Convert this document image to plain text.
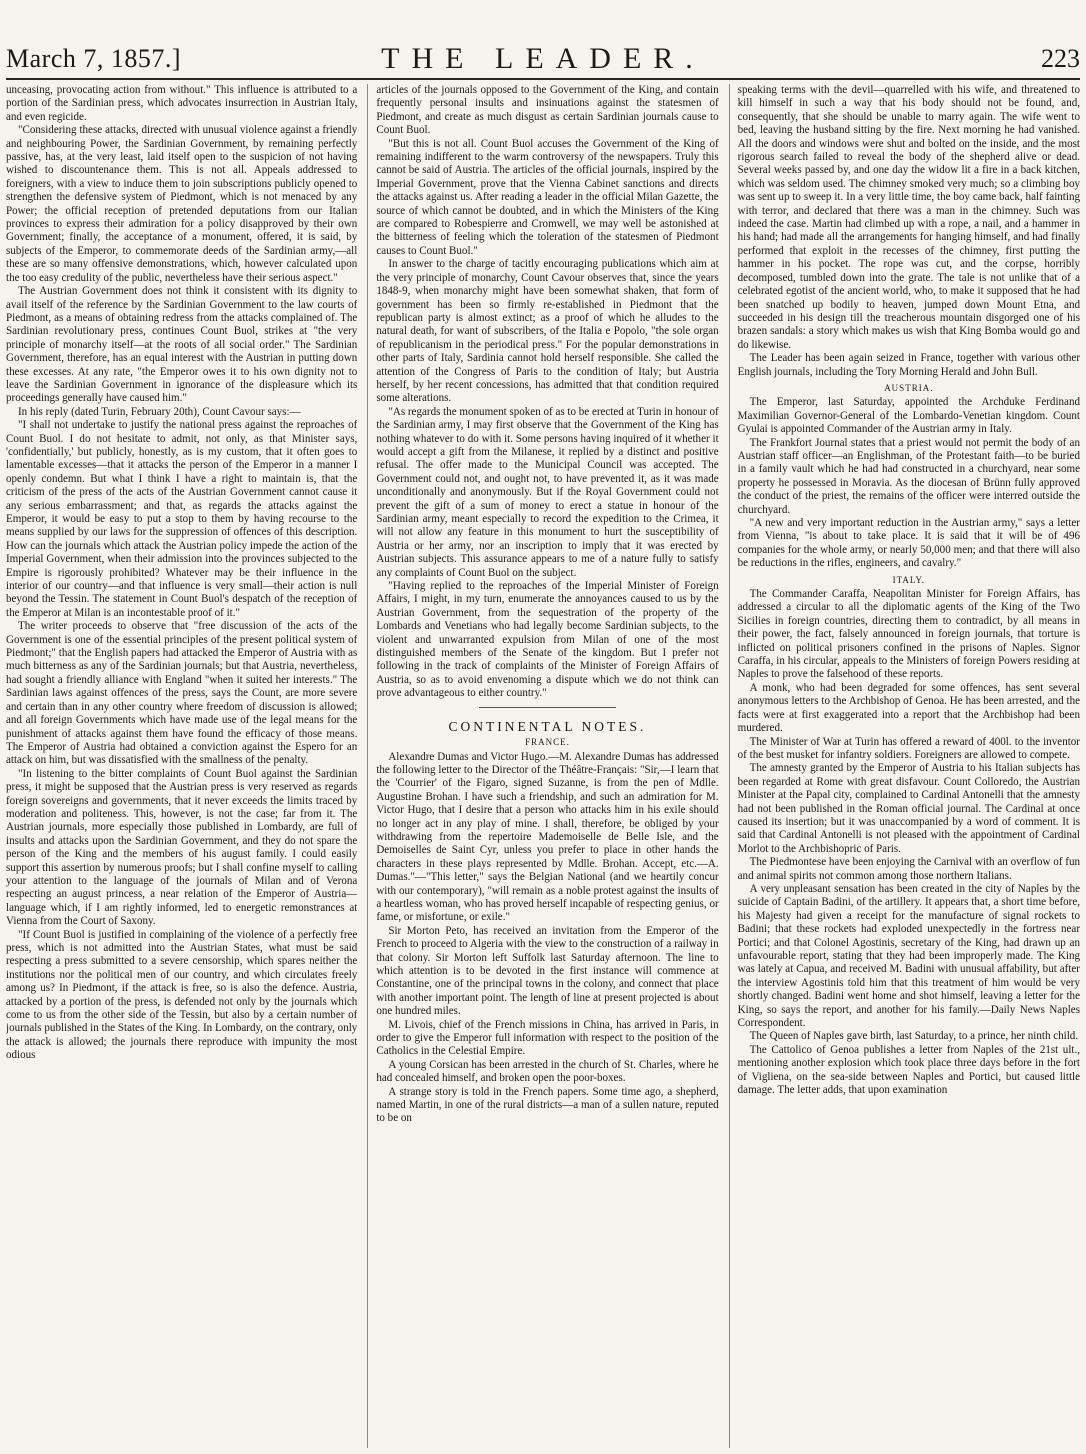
March 7, 1857.]	THE LEADER.	223

unceasing, provocating action from without." This influence is attributed to a portion of the Sardinian press, which advocates insurrection in Austrian Italy, and even regicide.

"Considering these attacks, directed with unusual violence against a friendly and neighbouring Power, the Sardinian Government, by remaining perfectly passive, has, at the very least, laid itself open to the suspicion of not having wished to discountenance them. This is not all. Appeals addressed to foreigners, with a view to induce them to join subscriptions publicly opened to strengthen the defensive system of Piedmont, which is not menaced by any Power; the official reception of pretended deputations from our Italian provinces to express their admiration for a policy disapproved by their own Government; finally, the acceptance of a monument, offered, it is said, by subjects of the Emperor, to commemorate deeds of the Sardinian army,—all these are so many offensive demonstrations, which, however calculated upon the too easy credulity of the public, nevertheless have their serious aspect."

The Austrian Government does not think it consistent with its dignity to avail itself of the reference by the Sardinian Government to the law courts of Piedmont, as a means of obtaining redress from the attacks complained of. The Sardinian revolutionary press, continues Count Buol, strikes at "the very principle of monarchy itself—at the roots of all social order." The Sardinian Government, therefore, has an equal interest with the Austrian in putting down these excesses. At any rate, "the Emperor owes it to his own dignity not to leave the Sardinian Government in ignorance of the displeasure which its proceedings generally have caused him."

In his reply (dated Turin, February 20th), Count Cavour says:—

"I shall not undertake to justify the national press against the reproaches of Count Buol. I do not hesitate to admit, not only, as that Minister says, 'confidentially,' but publicly, honestly, as is my custom, that it often goes to lamentable excesses—that it attacks the person of the Emperor in a manner I openly condemn. But what I think I have a right to maintain is, that the criticism of the press of the acts of the Austrian Government cannot cause it any serious embarrassment; and that, as regards the attacks against the Emperor, it would be easy to put a stop to them by having recourse to the means supplied by our laws for the suppression of offences of this description. How can the journals which attack the Austrian policy impede the action of the Imperial Government, when their admission into the provinces subjected to the Empire is rigorously prohibited? Whatever may be their influence in the interior of our country—and that influence is very small—their action is null beyond the Tessin. The statement in Count Buol's despatch of the reception of the Emperor at Milan is an incontestable proof of it."

The writer proceeds to observe that "free discussion of the acts of the Government is one of the essential principles of the present political system of Piedmont;" that the English papers had attacked the Emperor of Austria with as much bitterness as any of the Sardinian journals; but that Austria, nevertheless, had sought a friendly alliance with England "when it suited her interests." The Sardinian laws against offences of the press, says the Count, are more severe and certain than in any other country where freedom of discussion is allowed; and all foreign Governments which have made use of the legal means for the punishment of attacks against them have found the efficacy of those means. The Emperor of Austria had obtained a conviction against the Espero for an attack on him, but was dissatisfied with the smallness of the penalty.

"In listening to the bitter complaints of Count Buol against the Sardinian press, it might be supposed that the Austrian press is very reserved as regards foreign sovereigns and governments, that it never exceeds the limits traced by moderation and politeness. This, however, is not the case; far from it. The Austrian journals, more especially those published in Lombardy, are full of insults and attacks upon the Sardinian Government, and they do not spare the person of the King and the members of his august family. I could easily support this assertion by numerous proofs; but I shall confine myself to calling your attention to the language of the journals of Milan and of Verona respecting an august princess, a near relation of the Emperor of Austria—language which, if I am rightly informed, led to energetic remonstrances at Vienna from the Court of Saxony.

"If Count Buol is justified in complaining of the violence of a perfectly free press, which is not admitted into the Austrian States, what must be said respecting a press submitted to a severe censorship, which spares neither the institutions nor the political men of our country, and which circulates freely among us? In Piedmont, if the attack is free, so is also the defence. Austria, attacked by a portion of the press, is defended not only by the journals which come to us from the other side of the Tessin, but also by a certain number of journals published in the States of the King. In Lombardy, on the contrary, only the attack is allowed; the journals there reproduce with impunity the most odious

articles of the journals opposed to the Government of the King, and contain frequently personal insults and insinuations against the statesmen of Piedmont, and create as much disgust as certain Sardinian journals cause to Count Buol.

"But this is not all. Count Buol accuses the Government of the King of remaining indifferent to the warm controversy of the newspapers. Truly this cannot be said of Austria. The articles of the official journals, inspired by the Imperial Government, prove that the Vienna Cabinet sanctions and directs the attacks against us. After reading a leader in the official Milan Gazette, the source of which cannot be doubted, and in which the Ministers of the King are compared to Robespierre and Cromwell, we may well be astonished at the bitterness of feeling which the toleration of the statesmen of Piedmont causes to Count Buol."

In answer to the charge of tacitly encouraging publications which aim at the very principle of monarchy, Count Cavour observes that, since the years 1848-9, when monarchy might have been somewhat shaken, that form of government has been so firmly re-established in Piedmont that the republican party is almost extinct; as a proof of which he alludes to the natural death, for want of subscribers, of the Italia e Popolo, "the sole organ of republicanism in the periodical press." For the popular demonstrations in other parts of Italy, Sardinia cannot hold herself responsible. She called the attention of the Congress of Paris to the condition of Italy; but Austria herself, by her recent concessions, has admitted that that condition required some alterations.

"As regards the monument spoken of as to be erected at Turin in honour of the Sardinian army, I may first observe that the Government of the King has nothing whatever to do with it. Some persons having inquired of it whether it would accept a gift from the Milanese, it replied by a distinct and positive refusal. The offer made to the Municipal Council was accepted. The Government could not, and ought not, to have prevented it, as it was made unconditionally and anonymously. But if the Royal Government could not prevent the gift of a sum of money to erect a statue in honour of the Sardinian army, meant especially to record the expedition to the Crimea, it will not allow any feature in this monument to hurt the susceptibility of Austria or her army, nor an inscription to imply that it was erected by Austrian subjects. This assurance appears to me of a nature fully to satisfy any complaints of Count Buol on the subject.

"Having replied to the reproaches of the Imperial Minister of Foreign Affairs, I might, in my turn, enumerate the annoyances caused to us by the Austrian Government, from the sequestration of the property of the Lombards and Venetians who had legally become Sardinian subjects, to the violent and unwarranted expulsion from Milan of one of the most distinguished members of the Senate of the kingdom. But I prefer not following in the track of complaints of the Minister of Foreign Affairs of Austria, so as to avoid envenoming a dispute which we do not think can prove advantageous to either country."

CONTINENTAL NOTES.

FRANCE.

Alexandre Dumas and Victor Hugo.—M. Alexandre Dumas has addressed the following letter to the Director of the Théâtre-Français: "Sir,—I learn that the 'Courrier' of the Figaro, signed Suzanne, is from the pen of Mdlle. Augustine Brohan. I have such a friendship, and such an admiration for M. Victor Hugo, that I desire that a person who attacks him in his exile should no longer act in any play of mine. I shall, therefore, be obliged by your withdrawing from the repertoire Mademoiselle de Belle Isle, and the Demoiselles de Saint Cyr, unless you prefer to place in other hands the characters in these plays represented by Mdlle. Brohan. Accept, etc.—A. Dumas."—"This letter," says the Belgian National (and we heartily concur with our contemporary), "will remain as a noble protest against the insults of a heartless woman, who has proved herself incapable of respecting genius, or fame, or misfortune, or exile."

Sir Morton Peto, has received an invitation from the Emperor of the French to proceed to Algeria with the view to the construction of a railway in that colony. Sir Morton left Suffolk last Saturday afternoon. The line to which attention is to be devoted in the first instance will commence at Constantine, one of the principal towns in the colony, and connect that place with another important point. The length of line at present projected is about one hundred miles.

M. Livois, chief of the French missions in China, has arrived in Paris, in order to give the Emperor full information with respect to the position of the Catholics in the Celestial Empire.

A young Corsican has been arrested in the church of St. Charles, where he had concealed himself, and broken open the poor-boxes.

A strange story is told in the French papers. Some time ago, a shepherd, named Martin, in one of the rural districts—a man of a sullen nature, reputed to be on

speaking terms with the devil—quarrelled with his wife, and threatened to kill himself in such a way that his body should not be found, and, consequently, that she should be unable to marry again. The wife went to bed, leaving the husband sitting by the fire. Next morning he had vanished. All the doors and windows were shut and bolted on the inside, and the most rigorous search failed to reveal the body of the shepherd alive or dead. Several weeks passed by, and one day the widow lit a fire in a back kitchen, which was seldom used. The chimney smoked very much; so a climbing boy was sent up to sweep it. In a very little time, the boy came back, half fainting with terror, and declared that there was a man in the chimney. Such was indeed the case. Martin had climbed up with a rope, a nail, and a hammer in his hand; had made all the arrangements for hanging himself, and had finally performed that exploit in the recesses of the chimney, first putting the hammer in his pocket. The rope was cut, and the corpse, horribly decomposed, tumbled down into the grate. The tale is not unlike that of a celebrated egotist of the ancient world, who, to make it supposed that he had been snatched up bodily to heaven, jumped down Mount Etna, and succeeded in his design till the treacherous mountain disgorged one of his brazen sandals: a story which makes us wish that King Bomba would go and do likewise.

The Leader has been again seized in France, together with various other English journals, including the Tory Morning Herald and John Bull.

AUSTRIA.

The Emperor, last Saturday, appointed the Archduke Ferdinand Maximilian Governor-General of the Lombardo-Venetian kingdom. Count Gyulai is appointed Commander of the Austrian army in Italy.

The Frankfort Journal states that a priest would not permit the body of an Austrian staff officer—an Englishman, of the Protestant faith—to be buried in a family vault which he had had constructed in a churchyard, near some property he possessed in Moravia. As the diocesan of Brünn fully approved the conduct of the priest, the remains of the officer were interred outside the churchyard.

"A new and very important reduction in the Austrian army," says a letter from Vienna, "is about to take place. It is said that it will be of 496 companies for the whole army, or nearly 50,000 men; and that there will also be reductions in the rifles, engineers, and cavalry."

ITALY.

The Commander Caraffa, Neapolitan Minister for Foreign Affairs, has addressed a circular to all the diplomatic agents of the King of the Two Sicilies in foreign countries, directing them to contradict, by all means in their power, the fact, falsely announced in foreign journals, that torture is inflicted on political prisoners confined in the prisons of Naples. Signor Caraffa, in his circular, appeals to the Ministers of foreign Powers residing at Naples to prove the falsehood of these reports.

A monk, who had been degraded for some offences, has sent several anonymous letters to the Archbishop of Genoa. He has been arrested, and the facts were at first exaggerated into a report that the Archbishop had been murdered.

The Minister of War at Turin has offered a reward of 400l. to the inventor of the best musket for infantry soldiers. Foreigners are allowed to compete.

The amnesty granted by the Emperor of Austria to his Italian subjects has been regarded at Rome with great disfavour. Count Colloredo, the Austrian Minister at the Papal city, complained to Cardinal Antonelli that the amnesty had not been published in the Roman official journal. The Cardinal at once caused its insertion; but it was unaccompanied by a word of comment. It is said that Cardinal Antonelli is not pleased with the appointment of Cardinal Morlot to the Archbishopric of Paris.

The Piedmontese have been enjoying the Carnival with an overflow of fun and animal spirits not common among those northern Italians.

A very unpleasant sensation has been created in the city of Naples by the suicide of Captain Badini, of the artillery. It appears that, a short time before, his Majesty had given a receipt for the manufacture of signal rockets to Badini; that these rockets had exploded unexpectedly in the fortress near Portici; and that Colonel Agostinis, secretary of the King, had drawn up an unfavourable report, stating that they had been improperly made. The King was lately at Capua, and received M. Badini with unusual affability, but after the interview Agostinis told him that this treatment of him would be very shortly changed. Badini went home and shot himself, leaving a letter for the King, so says the report, and another for his family.—Daily News Naples Correspondent.

The Queen of Naples gave birth, last Saturday, to a prince, her ninth child.

The Cattolico of Genoa publishes a letter from Naples of the 21st ult., mentioning another explosion which took place three days before in the fort of Vigliena, on the sea-side between Naples and Portici, but caused little damage. The letter adds, that upon examination
